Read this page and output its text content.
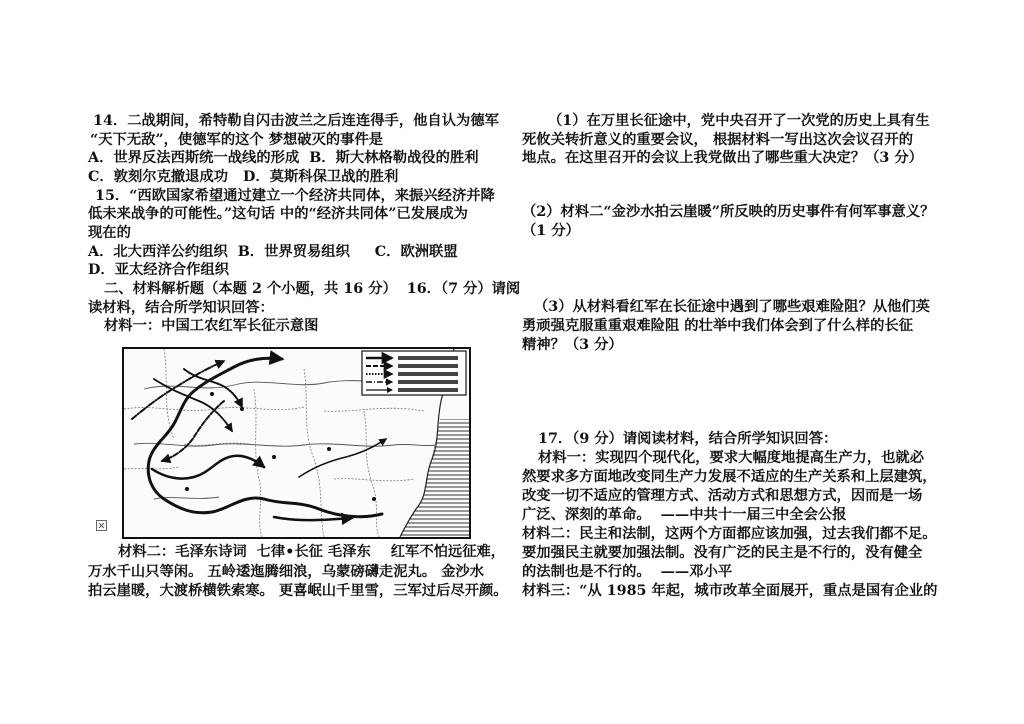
14．二战期间，希特勒自闪击波兰之后连连得手，他自认为德军
“天下无敌”，使德军的这个 梦想破灭的事件是
A．世界反法西斯统一战线的形成  B．斯大林格勒战役的胜利
C．敦刻尔克撤退成功   D．莫斯科保卫战的胜利
15．“西欧国家希望通过建立一个经济共同体，来振兴经济并降
低未来战争的可能性。”这句话 中的“经济共同体”已发展成为
现在的
A．北大西洋公约组织  B．世界贸易组织     C．欧洲联盟
D．亚太经济合作组织
二、材料解析题（本题 2 个小题，共 16 分）  16．（7 分）请阅
读材料，结合所学知识回答：
材料一：中国工农红军长征示意图
材料二：毛泽东诗词  七律•长征 毛泽东    红军不怕远征难，
万水千山只等闲。 五岭逶迤腾细浪，乌蒙磅礴走泥丸。 金沙水
拍云崖暖，大渡桥横铁索寒。 更喜岷山千里雪，三军过后尽开颜。
（1）在万里长征途中，党中央召开了一次党的历史上具有生
死攸关转折意义的重要会议， 根据材料一写出这次会议召开的
地点。在这里召开的会议上我党做出了哪些重大决定？（3 分）
（2）材料二“金沙水拍云崖暖”所反映的历史事件有何军事意义？
（1 分）
（3）从材料看红军在长征途中遇到了哪些艰难险阻？从他们英
勇顽强克服重重艰难险阻 的壮举中我们体会到了什么样的长征
精神？（3 分）
17．（9 分）请阅读材料，结合所学知识回答：
材料一：实现四个现代化，要求大幅度地提高生产力，也就必
然要求多方面地改变同生产力发展不适应的生产关系和上层建筑，
改变一切不适应的管理方式、活动方式和思想方式，因而是一场
广泛、深刻的革命。  ——中共十一届三中全会公报
材料二：民主和法制，这两个方面都应该加强，过去我们都不足。
要加强民主就要加强法制。没有广泛的民主是不行的，没有健全
的法制也是不行的。  ——邓小平
材料三：“从 1985 年起，城市改革全面展开，重点是国有企业的
